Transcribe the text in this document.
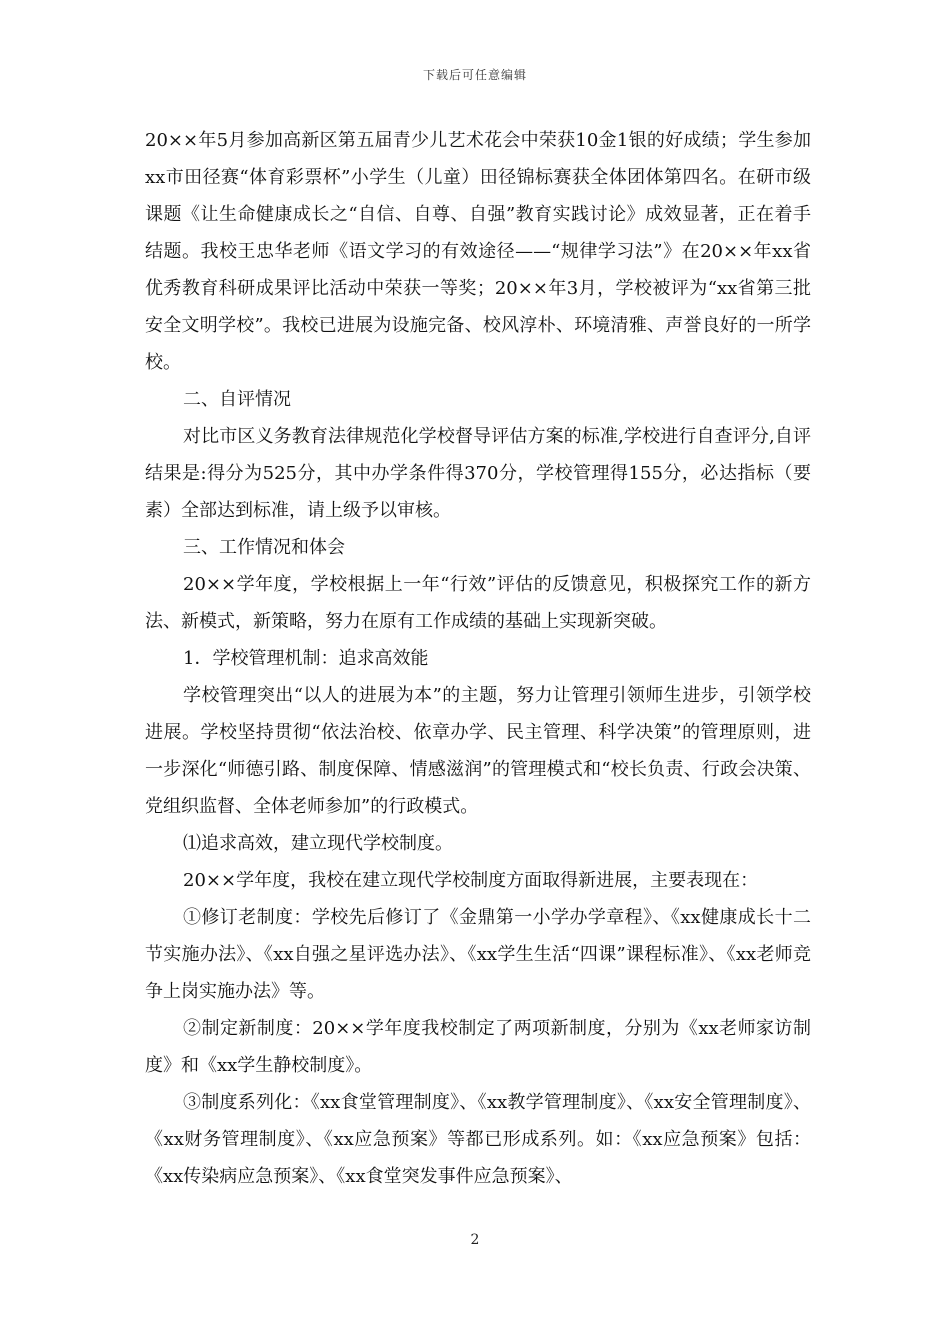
下载后可任意编辑

20××年5月参加高新区第五届青少儿艺术花会中荣获10金1银的好成绩；学生参加xx市田径赛“体育彩票杯”小学生（儿童）田径锦标赛获全体团体第四名。在研市级课题《让生命健康成长之“自信、自尊、自强”教育实践讨论》成效显著，正在着手结题。我校王忠华老师《语文学习的有效途径——“规律学习法”》在20××年xx省优秀教育科研成果评比活动中荣获一等奖；20××年3月，学校被评为“xx省第三批安全文明学校”。我校已进展为设施完备、校风淳朴、环境清雅、声誉良好的一所学校。

二、自评情况

对比市区义务教育法律规范化学校督导评估方案的标准,学校进行自查评分,自评结果是:得分为525分，其中办学条件得370分，学校管理得155分，必达指标（要素）全部达到标准，请上级予以审核。

三、工作情况和体会

20××学年度，学校根据上一年“行效”评估的反馈意见，积极探究工作的新方法、新模式，新策略，努力在原有工作成绩的基础上实现新突破。

1．学校管理机制：追求高效能

学校管理突出“以人的进展为本”的主题，努力让管理引领师生进步，引领学校进展。学校坚持贯彻“依法治校、依章办学、民主管理、科学决策”的管理原则，进一步深化“师德引路、制度保障、情感滋润”的管理模式和“校长负责、行政会决策、党组织监督、全体老师参加”的行政模式。

⑴追求高效，建立现代学校制度。

20××学年度，我校在建立现代学校制度方面取得新进展，主要表现在：

①修订老制度：学校先后修订了《金鼎第一小学办学章程》、《xx健康成长十二节实施办法》、《xx自强之星评选办法》、《xx学生生活“四课”课程标准》、《xx老师竞争上岗实施办法》等。

②制定新制度：20××学年度我校制定了两项新制度，分别为《xx老师家访制度》和《xx学生静校制度》。

③制度系列化：《xx食堂管理制度》、《xx教学管理制度》、《xx安全管理制度》、《xx财务管理制度》、《xx应急预案》等都已形成系列。如：《xx应急预案》包括：《xx传染病应急预案》、《xx食堂突发事件应急预案》、

2
